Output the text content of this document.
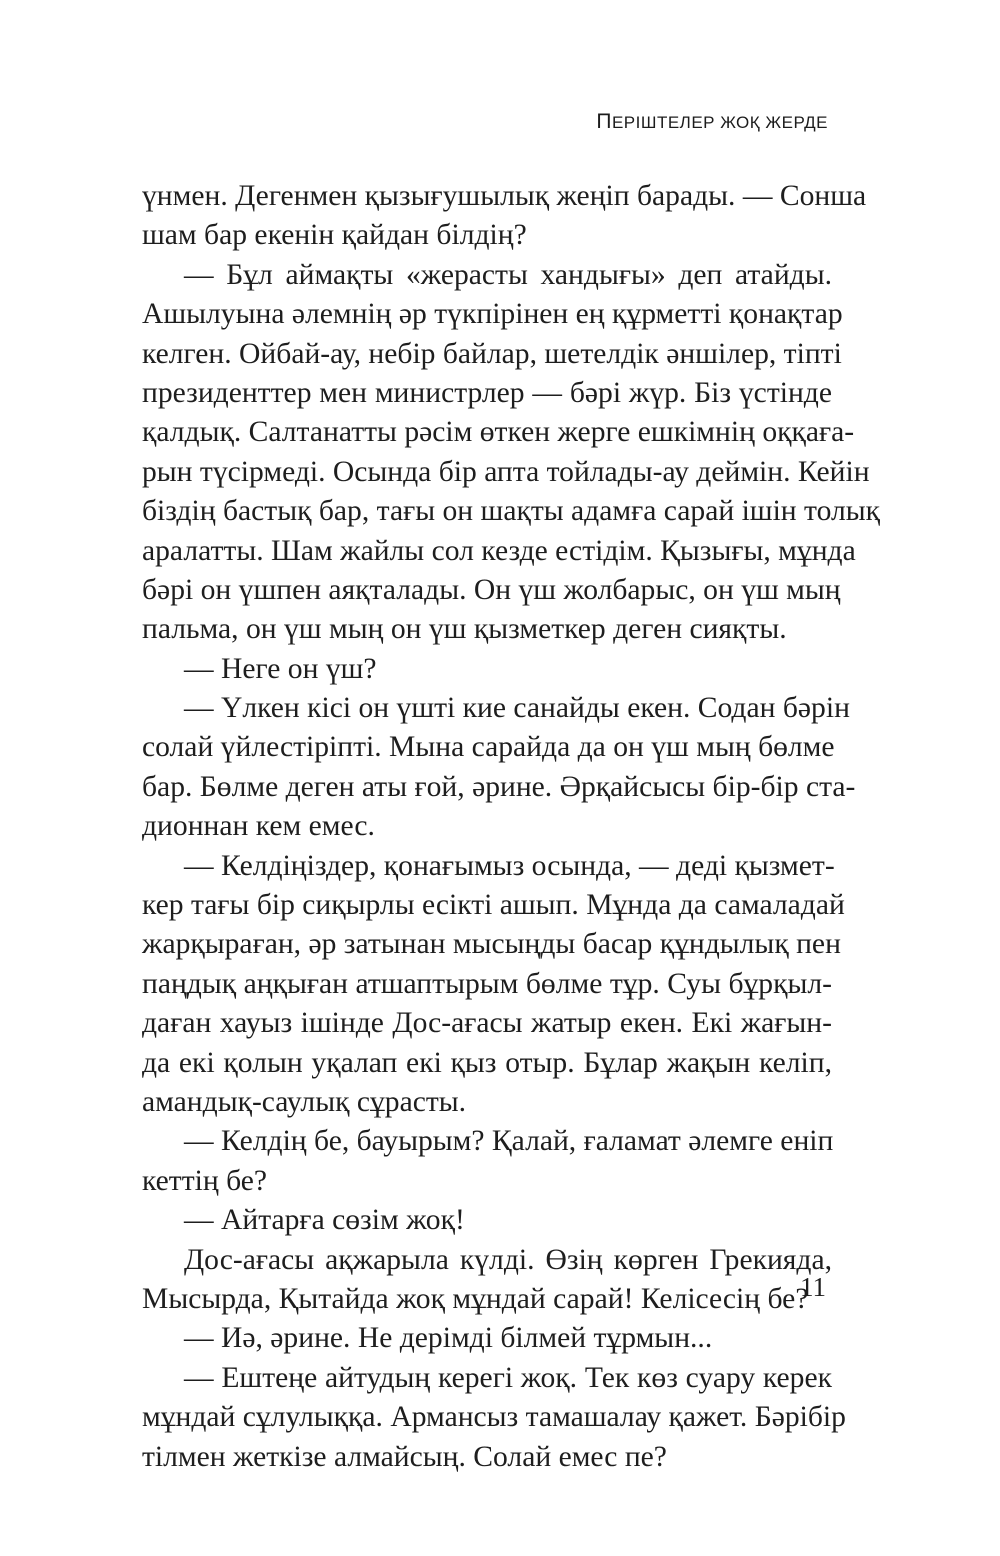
ПЕРІШТЕЛЕР ЖОҚ ЖЕРДЕ
үнмен. Дегенмен қызығушылық жеңіп барады. — Сонша
шам бар екенін қайдан білдің?
— Бұл аймақты «жерасты хандығы» деп атайды.
Ашылуына әлемнің әр түкпірінен ең құрметті қонақтар
келген. Ойбай-ау, небір байлар, шетелдік әншілер, тіпті
президенттер мен министрлер — бәрі жүр. Біз үстінде
қалдық. Салтанатты рәсім өткен жерге ешкімнің оққаға-
рын түсірмеді. Осында бір апта тойлады-ау деймін. Кейін
біздің бастық бар, тағы он шақты адамға сарай ішін толық
аралатты. Шам жайлы сол кезде естідім. Қызығы, мұнда
бәрі он үшпен аяқталады. Он үш жолбарыс, он үш мың
пальма, он үш мың он үш қызметкер деген сияқты.
— Неге он үш?
— Үлкен кісі он үшті кие санайды екен. Содан бәрін
солай үйлестіріпті. Мына сарайда да он үш мың бөлме
бар. Бөлме деген аты ғой, әрине. Әрқайсысы бір-бір ста-
дионнан кем емес.
— Келдіңіздер, қонағымыз осында, — деді қызмет-
кер тағы бір сиқырлы есікті ашып. Мұнда да самаладай
жарқыраған, әр затынан мысыңды басар құндылық пен
паңдық аңқыған атшаптырым бөлме тұр. Суы бұрқыл-
даған хауыз ішінде Дос-ағасы жатыр екен. Екі жағын-
да екі қолын уқалап екі қыз отыр. Бұлар жақын келіп,
амандық-саулық сұрасты.
— Келдің бе, бауырым? Қалай, ғаламат әлемге еніп
кеттің бе?
— Айтарға сөзім жоқ!
Дос-ағасы ақжарыла күлді. Өзің көрген Грекияда,
Мысырда, Қытайда жоқ мұндай сарай! Келісесің бе?
— Иә, әрине. Не дерімді білмей тұрмын...
— Ештеңе айтудың керегі жоқ. Тек көз суару керек
мұндай сұлулыққа. Армансыз тамашалау қажет. Бәрібір
тілмен жеткізе алмайсың. Солай емес пе?
11
